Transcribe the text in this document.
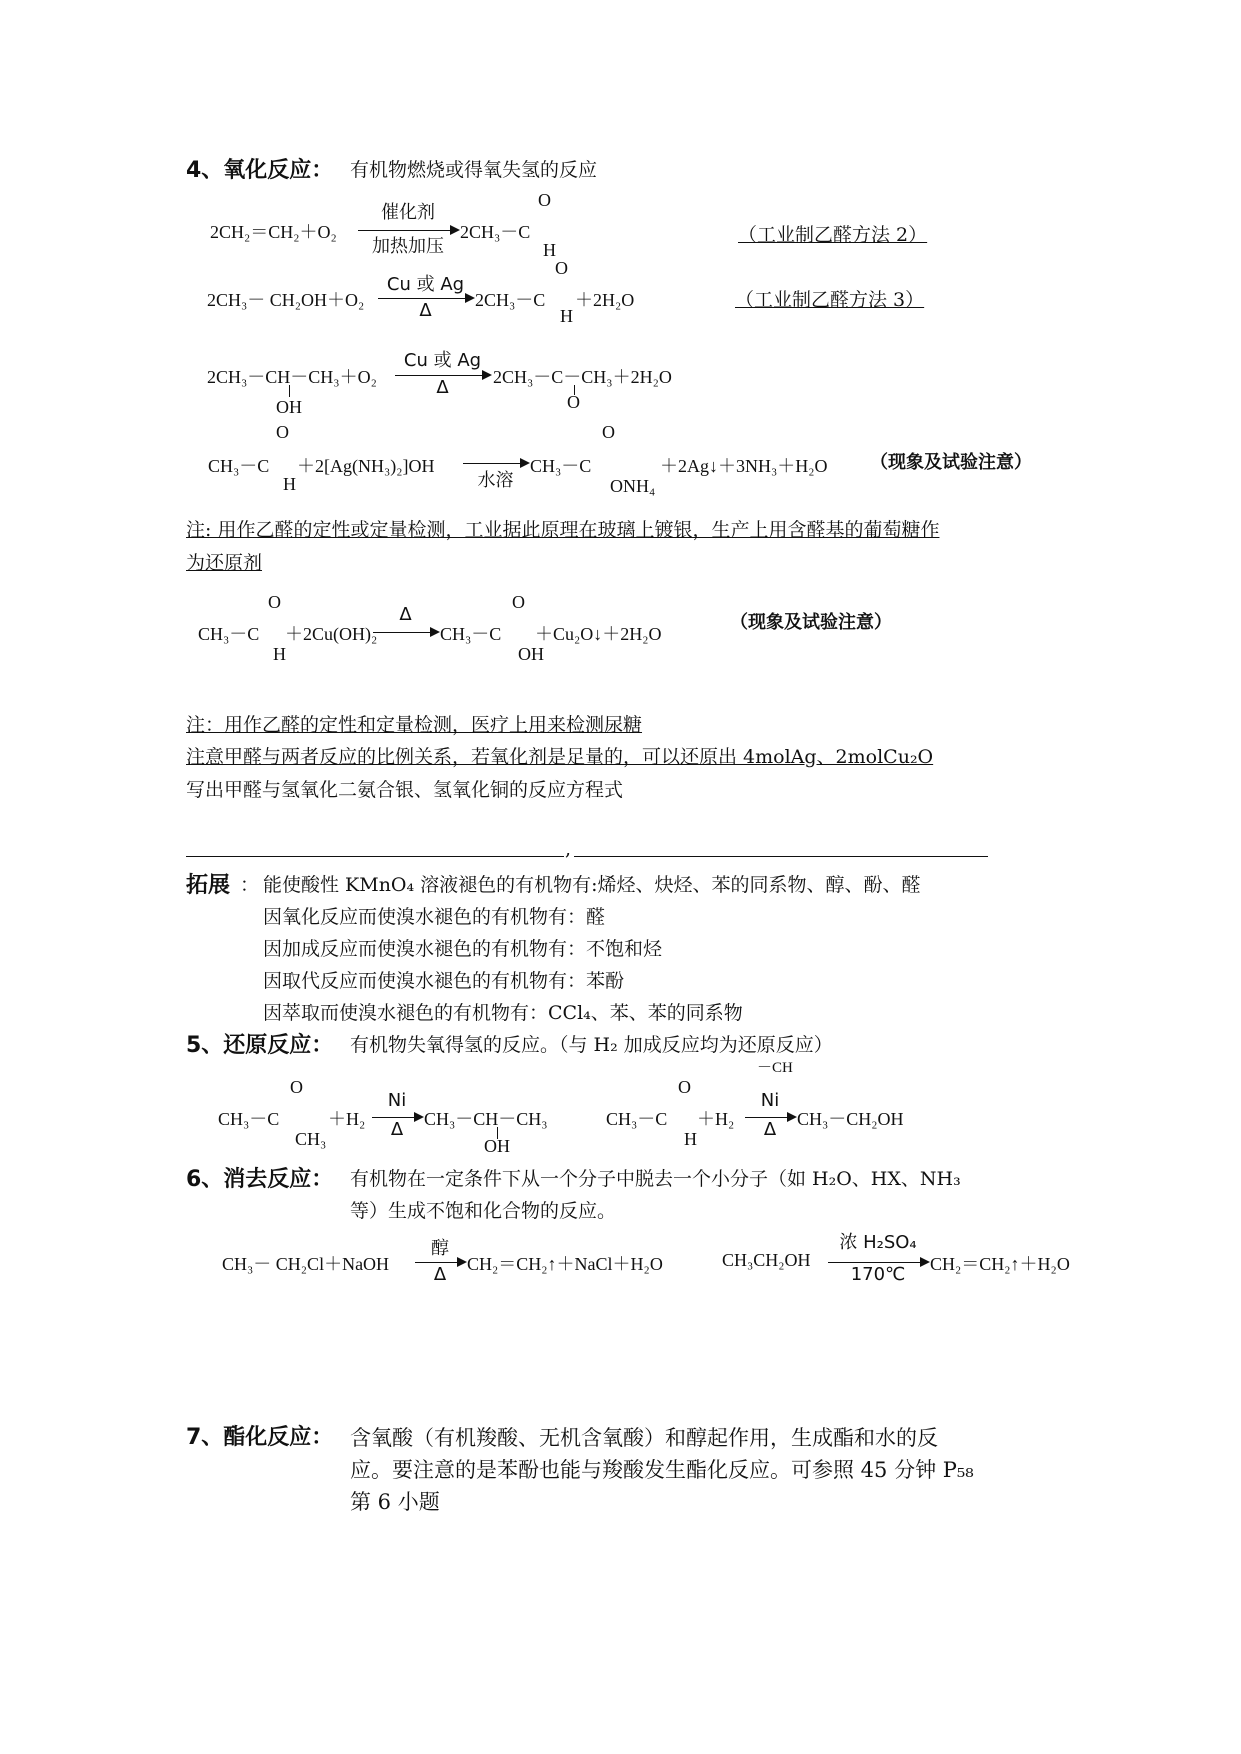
4、氧化反应： 有机物燃烧或得氧失氢的反应
2CH₂＝CH₂＋O₂
催化剂
加热加压
2CH₃－C
O
H
（工业制乙醛方法 2）
2CH₃－ CH₂OH＋O₂
Cu 或 Ag
Δ	2CH₃－C
O
H
＋2H₂O	（工业制乙醛方法 3）
2CH₃－CH－CH₃＋O₂
OH
Cu 或 Ag
Δ	2CH₃－C－CH₃＋2H₂O
O
CH₃－C
O
H
＋2[Ag(NH₃)₂]OH
水溶
CH₃－C
O
ONH₄
＋2Ag↓＋3NH₃＋H₂O （现象及试验注意）
注: 用作乙醛的定性或定量检测，工业据此原理在玻璃上镀银，生产上用含醛基的葡萄糖作
为还原剂
CH₃－C
O
H
＋2Cu(OH)₂
Δ
CH₃－C
O
OH
＋Cu₂O↓＋2H₂O
（现象及试验注意）
注：用作乙醛的定性和定量检测，医疗上用来检测尿糖
注意甲醛与两者反应的比例关系，若氧化剂是足量的，可以还原出 4molAg、2molCu₂O
写出甲醛与氢氧化二氨合银、氢氧化铜的反应方程式
,
拓展 ： 能使酸性 KMnO₄ 溶液褪色的有机物有:烯烃、炔烃、苯的同系物、醇、酚、醛
因氧化反应而使溴水褪色的有机物有：醛
因加成反应而使溴水褪色的有机物有：不饱和烃
因取代反应而使溴水褪色的有机物有：苯酚
因萃取而使溴水褪色的有机物有：CCl₄、苯、苯的同系物
5、还原反应： 有机物失氧得氢的反应。（与 H₂ 加成反应均为还原反应）
－CH
CH₃－C
O
CH₃
＋H₂
Ni
Δ	CH₃－CH－CH₃
OH
CH₃－C
O
H
＋H₂
Ni
Δ	CH₃－CH₂OH
6、消去反应： 有机物在一定条件下从一个分子中脱去一个小分子（如 H₂O、HX、NH₃
等）生成不饱和化合物的反应。
CH₃－ CH₂Cl＋NaOH
醇
Δ	CH₂＝CH₂↑＋NaCl＋H₂O	CH₃CH₂OH
浓 H₂SO₄
170℃	CH₂＝CH₂↑＋H₂O
7、酯化反应： 含氧酸（有机羧酸、无机含氧酸）和醇起作用，生成酯和水的反
应。要注意的是苯酚也能与羧酸发生酯化反应。可参照 45 分钟 P₅₈
第 6 小题
